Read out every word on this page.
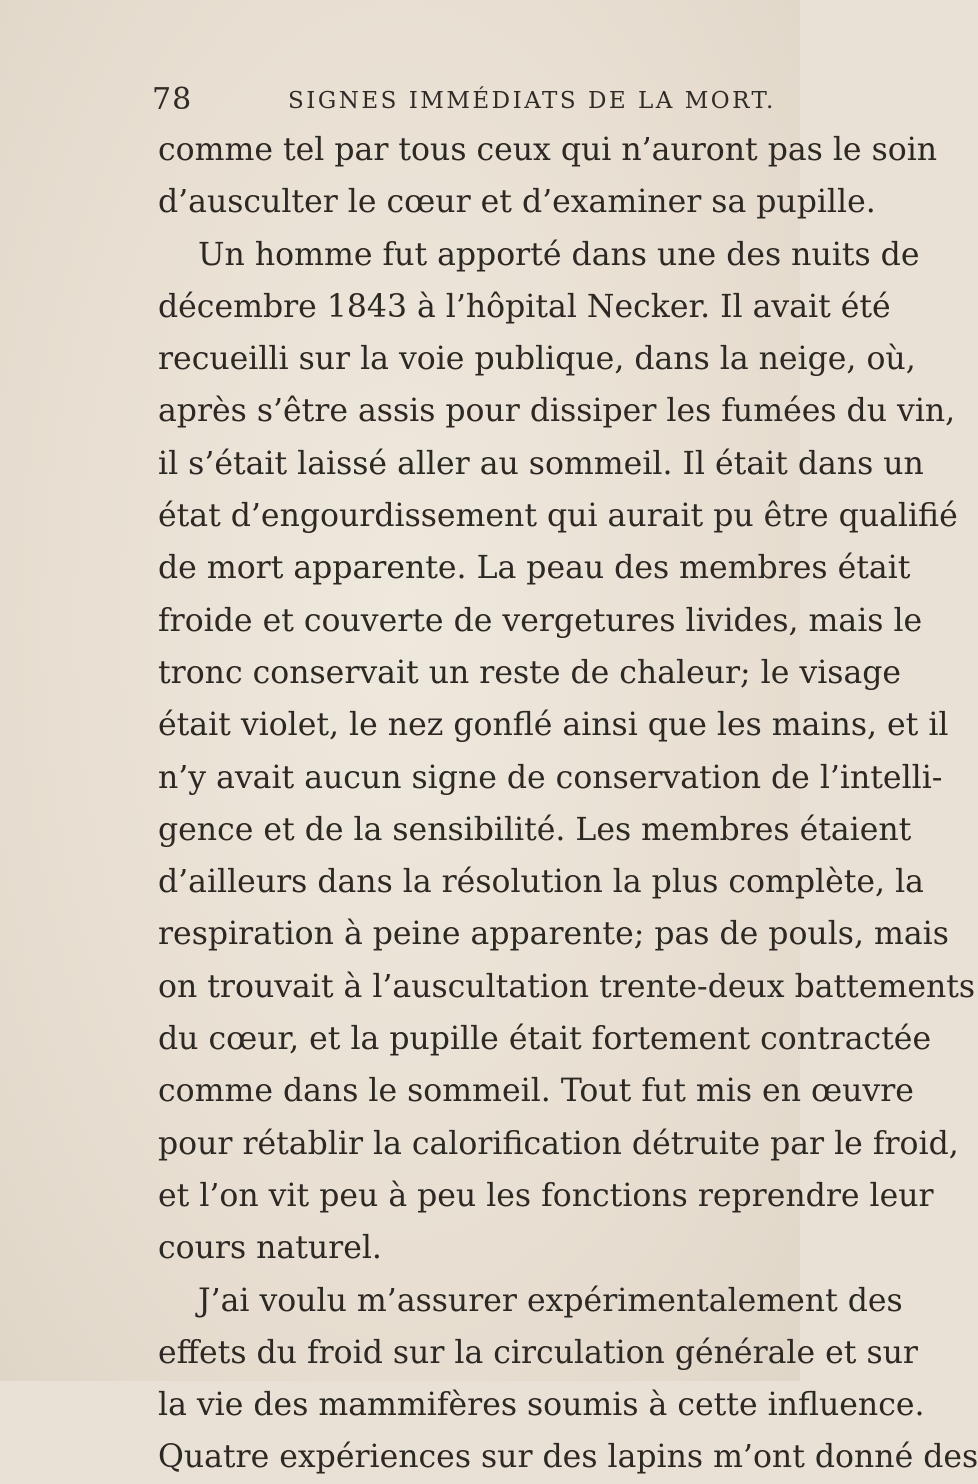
78	SIGNES IMMÉDIATS DE LA MORT.
comme tel par tous ceux qui n’auront pas le soin
d’ausculter le cœur et d’examiner sa pupille.
Un homme fut apporté dans une des nuits de
décembre 1843 à l’hôpital Necker. Il avait été
recueilli sur la voie publique, dans la neige, où,
après s’être assis pour dissiper les fumées du vin,
il s’était laissé aller au sommeil. Il était dans un
état d’engourdissement qui aurait pu être qualifié
de mort apparente. La peau des membres était
froide et couverte de vergetures livides, mais le
tronc conservait un reste de chaleur; le visage
était violet, le nez gonflé ainsi que les mains, et il
n’y avait aucun signe de conservation de l’intelli-
gence et de la sensibilité. Les membres étaient
d’ailleurs dans la résolution la plus complète, la
respiration à peine apparente; pas de pouls, mais
on trouvait à l’auscultation trente-deux battements
du cœur, et la pupille était fortement contractée
comme dans le sommeil. Tout fut mis en œuvre
pour rétablir la calorification détruite par le froid,
et l’on vit peu à peu les fonctions reprendre leur
cours naturel.
J’ai voulu m’assurer expérimentalement des
effets du froid sur la circulation générale et sur
la vie des mammifères soumis à cette influence.
Quatre expériences sur des lapins m’ont donné des
